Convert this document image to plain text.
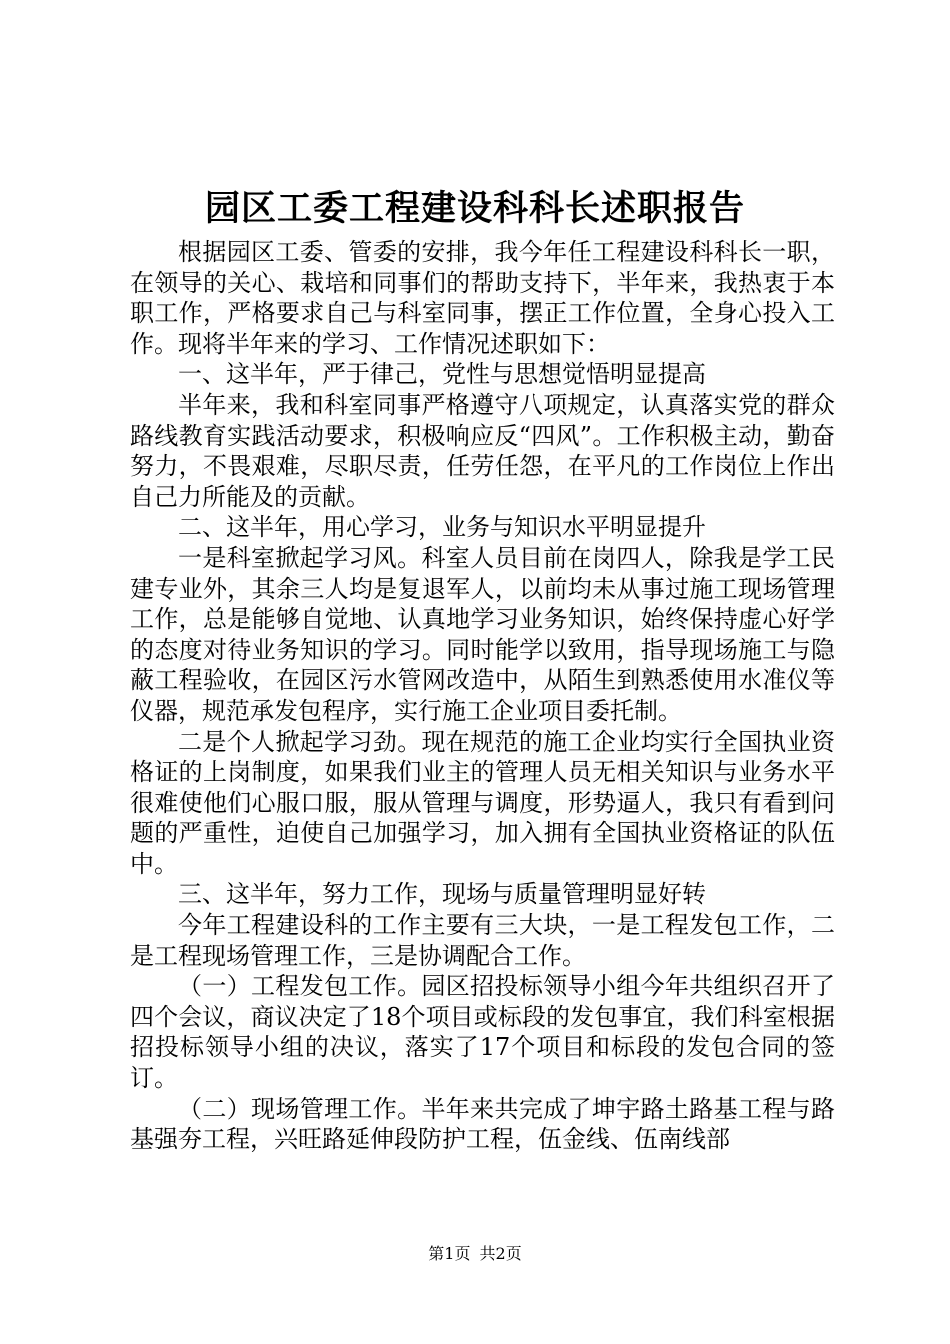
园区工委工程建设科科长述职报告

根据园区工委、管委的安排，我今年任工程建设科科长一职，在领导的关心、栽培和同事们的帮助支持下，半年来，我热衷于本职工作，严格要求自己与科室同事，摆正工作位置，全身心投入工作。现将半年来的学习、工作情况述职如下：

一、这半年，严于律己，党性与思想觉悟明显提高

半年来，我和科室同事严格遵守八项规定，认真落实党的群众路线教育实践活动要求，积极响应反“四风”。工作积极主动，勤奋努力，不畏艰难，尽职尽责，任劳任怨，在平凡的工作岗位上作出自己力所能及的贡献。

二、这半年，用心学习，业务与知识水平明显提升

一是科室掀起学习风。科室人员目前在岗四人，除我是学工民建专业外，其余三人均是复退军人，以前均未从事过施工现场管理工作，总是能够自觉地、认真地学习业务知识，始终保持虚心好学的态度对待业务知识的学习。同时能学以致用，指导现场施工与隐蔽工程验收，在园区污水管网改造中，从陌生到熟悉使用水准仪等仪器，规范承发包程序，实行施工企业项目委托制。

二是个人掀起学习劲。现在规范的施工企业均实行全国执业资格证的上岗制度，如果我们业主的管理人员无相关知识与业务水平很难使他们心服口服，服从管理与调度，形势逼人，我只有看到问题的严重性，迫使自己加强学习，加入拥有全国执业资格证的队伍中。

三、这半年，努力工作，现场与质量管理明显好转

今年工程建设科的工作主要有三大块，一是工程发包工作，二是工程现场管理工作，三是协调配合工作。

（一）工程发包工作。园区招投标领导小组今年共组织召开了四个会议，商议决定了18个项目或标段的发包事宜，我们科室根据招投标领导小组的决议，落实了17个项目和标段的发包合同的签订。

（二）现场管理工作。半年来共完成了坤宇路土路基工程与路基强夯工程，兴旺路延伸段防护工程，伍金线、伍南线部

第1页 共2页
